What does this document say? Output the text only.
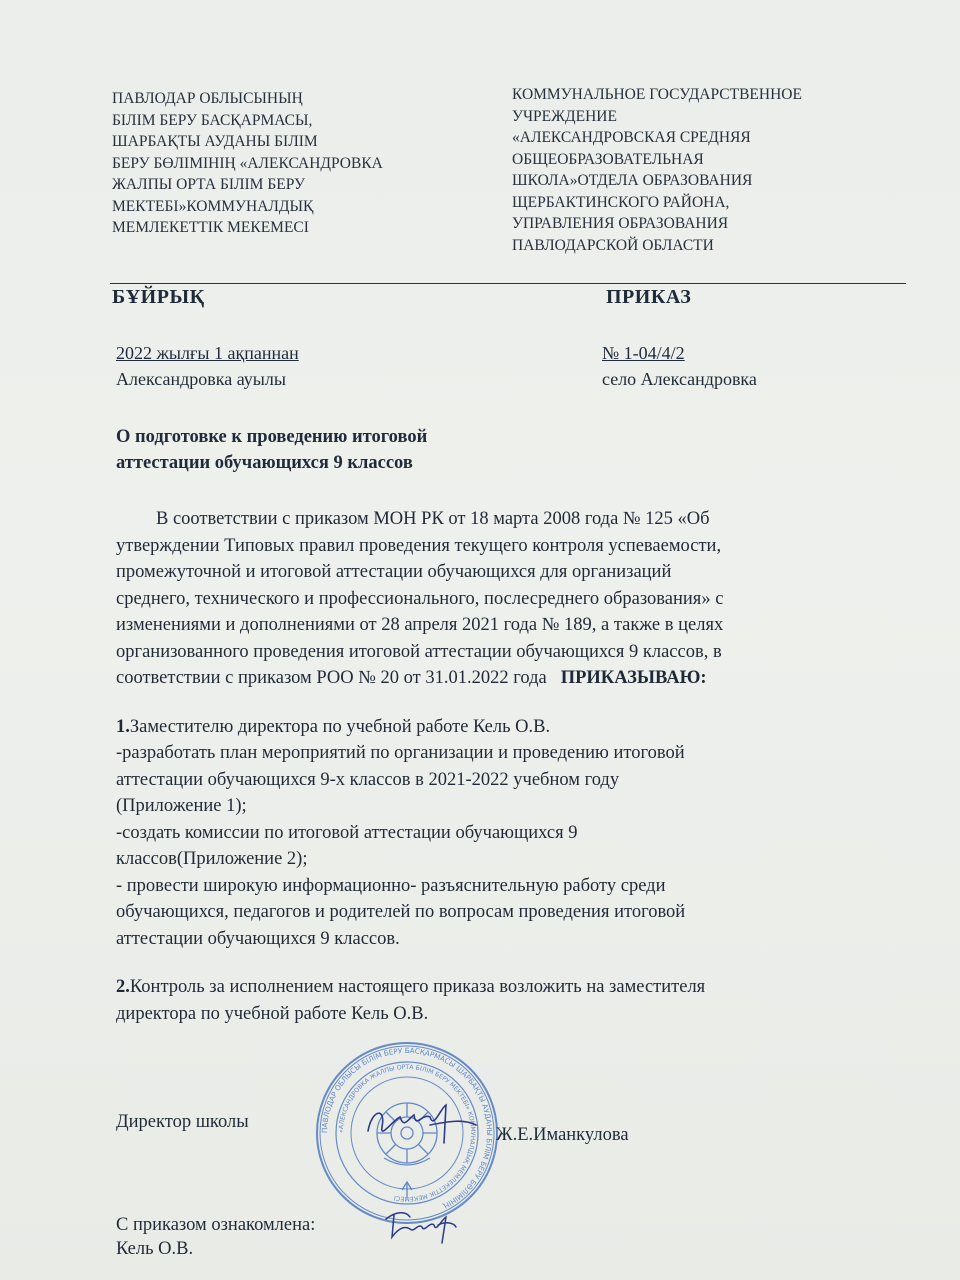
ПАВЛОДАР ОБЛЫСЫНЫҢ
БІЛІМ БЕРУ БАСҚАРМАСЫ,
ШАРБАҚТЫ АУДАНЫ БІЛІМ
БЕРУ БӨЛІМІНІҢ «АЛЕКСАНДРОВКА
ЖАЛПЫ ОРТА БІЛІМ БЕРУ
МЕКТЕБІ»КОММУНАЛДЫҚ
МЕМЛЕКЕТТІК МЕКЕМЕСІ
КОММУНАЛЬНОЕ ГОСУДАРСТВЕННОЕ
УЧРЕЖДЕНИЕ
«АЛЕКСАНДРОВСКАЯ СРЕДНЯЯ
ОБЩЕОБРАЗОВАТЕЛЬНАЯ
ШКОЛА»ОТДЕЛА ОБРАЗОВАНИЯ
ЩЕРБАКТИНСКОГО РАЙОНА,
УПРАВЛЕНИЯ ОБРАЗОВАНИЯ
ПАВЛОДАРСКОЙ ОБЛАСТИ
БҰЙРЫҚ	ПРИКАЗ
2022 жылғы 1 ақпаннан	№ 1-04/4/2
Александровка ауылы	село Александровка
О подготовке к проведению итоговой
аттестации обучающихся 9 классов
В соответствии с приказом МОН РК от 18 марта 2008 года № 125 «Об
утверждении Типовых правил проведения текущего контроля успеваемости,
промежуточной и итоговой аттестации обучающихся для организаций
среднего, технического и профессионального, послесреднего образования» с
изменениями и дополнениями от 28 апреля 2021 года № 189, а также в целях
организованного проведения итоговой аттестации обучающихся 9 классов, в
соответствии с приказом РОО № 20 от 31.01.2022 года ПРИКАЗЫВАЮ:
1.Заместителю директора по учебной работе Кель О.В.
-разработать план мероприятий по организации и проведению итоговой
аттестации обучающихся 9-х классов в 2021-2022 учебном году
(Приложение 1);
-создать комиссии по итоговой аттестации обучающихся 9
классов(Приложение 2);
- провести широкую информационно- разъяснительную работу среди
обучающихся, педагогов и родителей по вопросам проведения итоговой
аттестации обучающихся 9 классов.
2.Контроль за исполнением настоящего приказа возложить на заместителя
директора по учебной работе Кель О.В.
ПАВЛОДАР ОБЛЫСЫ БІЛІМ БЕРУ БАСҚАРМАСЫ ШАРБАҚТЫ АУДАНЫ БІЛІМ БЕРУ БӨЛІМІНІҢ
«АЛЕКСАНДРОВКА ЖАЛПЫ ОРТА БІЛІМ БЕРУ МЕКТЕБІ» КОММУНАЛДЫҚ МЕМЛЕКЕТТІК МЕКЕМЕСІ
Директор школы
Ж.Е.Иманкулова
С приказом ознакомлена:
Кель О.В.
